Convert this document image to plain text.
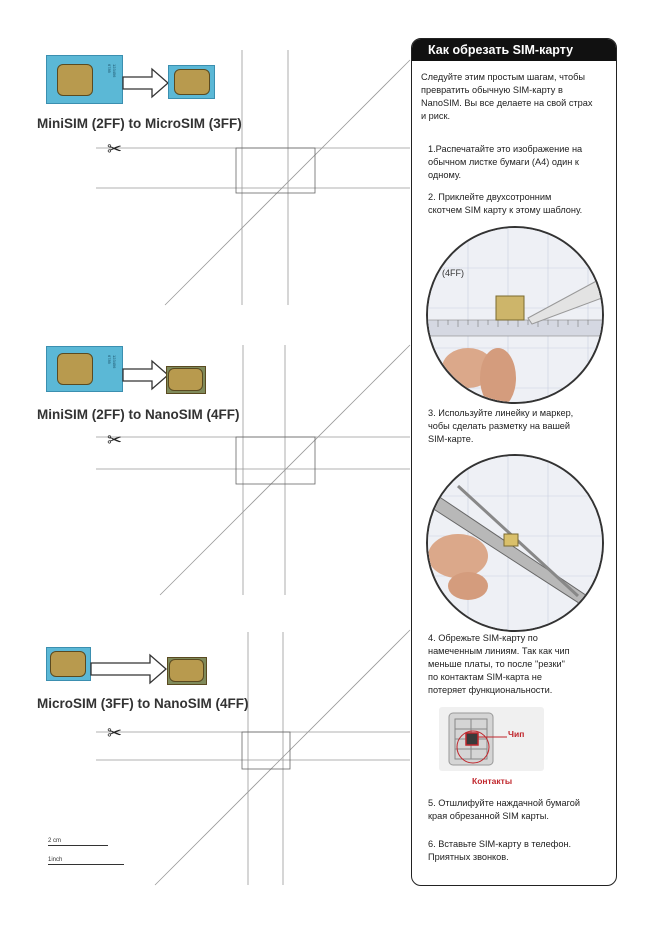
123456
6789
MiniSIM (2FF) to MicroSIM (3FF)
✂
123456
6789
MiniSIM (2FF) to NanoSIM (4FF)
✂
MicroSIM (3FF) to NanoSIM (4FF)
✂
2 cm
1inch
Как обрезать SIM-карту
Следуйте этим простым шагам, чтобы
превратить обычную SIM-карту в
NanoSIM. Вы все делаете на свой страх
и риск.
1.Распечатайте это изображение на
обычном листке бумаги (А4) один к
одному.
2. Приклейте двухсотронним
скотчем SIM карту к этому шаблону.
(4FF)
3. Используйте линейку и маркер,
чобы сделать разметку на вашей
SIM-карте.
4. Обрежьте SIM-карту по
намеченным линиям. Так как чип
меньше платы, то после "резки"
по контактам SIM-карта не
потеряет функциональности.
Чип
Контакты
5. Отшлифуйте наждачной бумагой
края обрезанной SIM карты.
6. Вставьте SIM-карту в телефон.
Приятных звонков.
